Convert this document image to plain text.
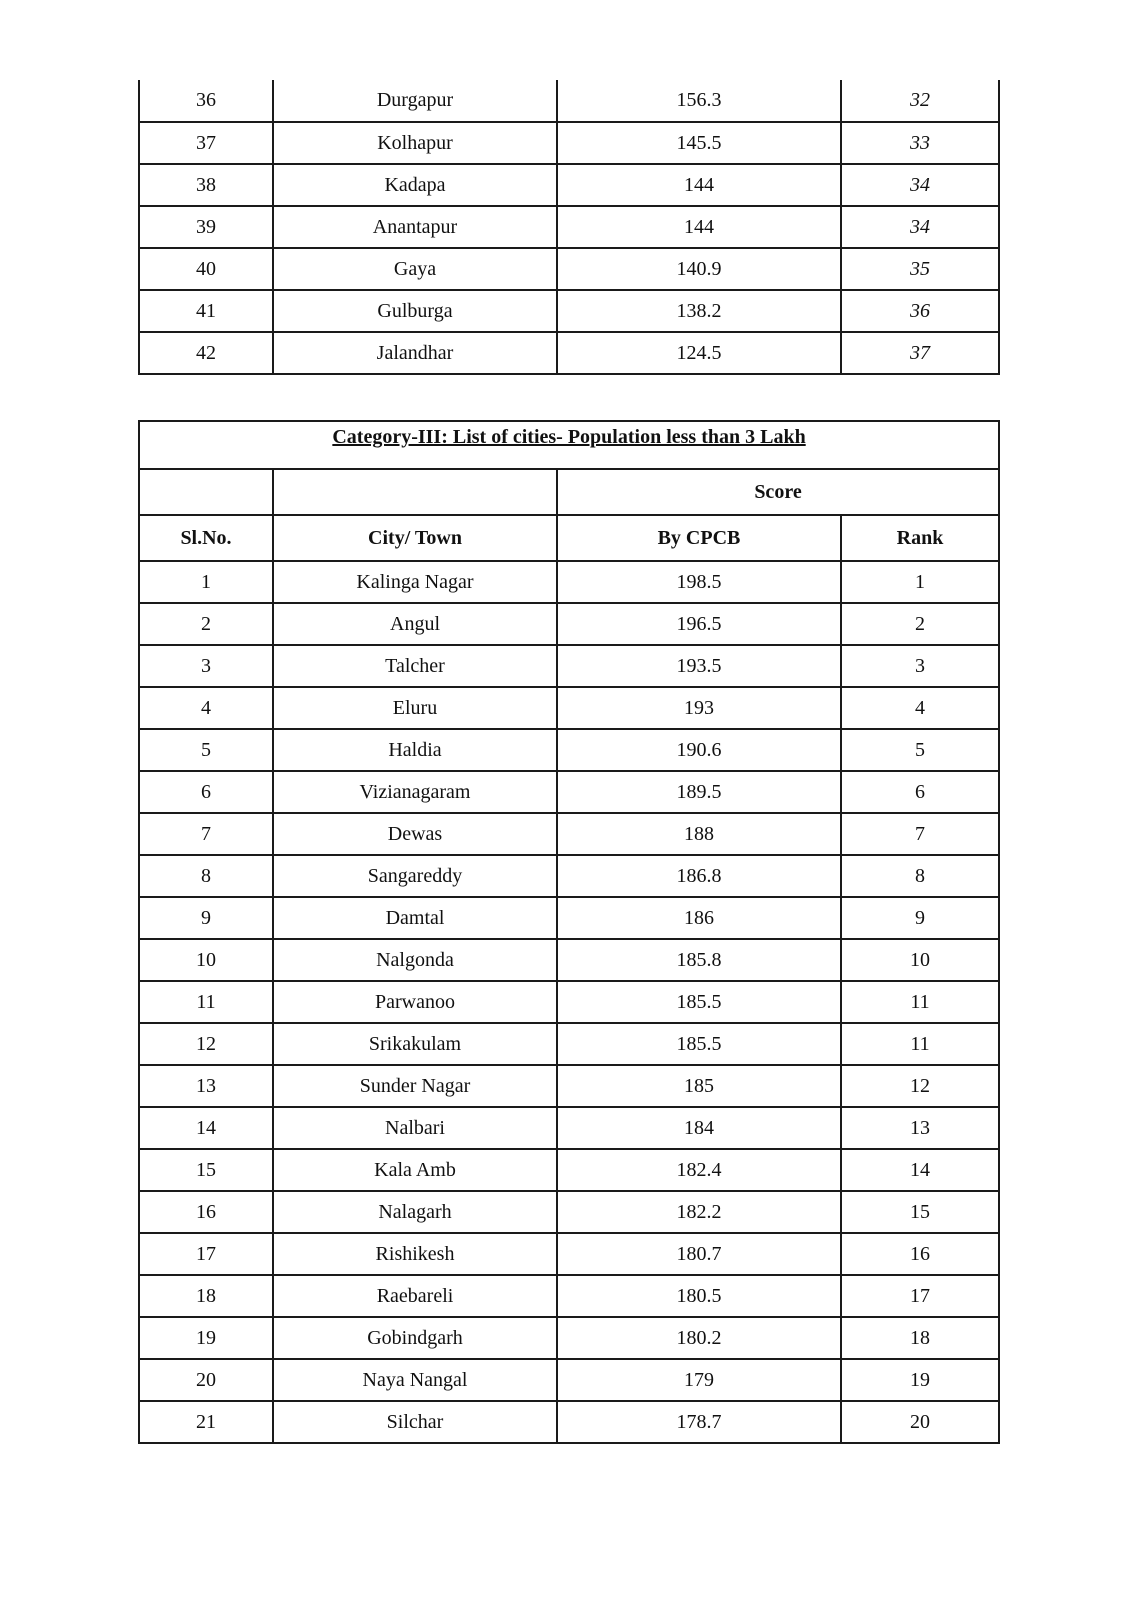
36	Durgapur	156.3	32
37	Kolhapur	145.5	33
38	Kadapa	144	34
39	Anantapur	144	34
40	Gaya	140.9	35
41	Gulburga	138.2	36
42	Jalandhar	124.5	37
Category-III: List of cities- Population less than 3 Lakh			
		Score	
Sl.No.	City/ Town	By CPCB	Rank
1	Kalinga Nagar	198.5	1
2	Angul	196.5	2
3	Talcher	193.5	3
4	Eluru	193	4
5	Haldia	190.6	5
6	Vizianagaram	189.5	6
7	Dewas	188	7
8	Sangareddy	186.8	8
9	Damtal	186	9
10	Nalgonda	185.8	10
11	Parwanoo	185.5	11
12	Srikakulam	185.5	11
13	Sunder Nagar	185	12
14	Nalbari	184	13
15	Kala Amb	182.4	14
16	Nalagarh	182.2	15
17	Rishikesh	180.7	16
18	Raebareli	180.5	17
19	Gobindgarh	180.2	18
20	Naya Nangal	179	19
21	Silchar	178.7	20
